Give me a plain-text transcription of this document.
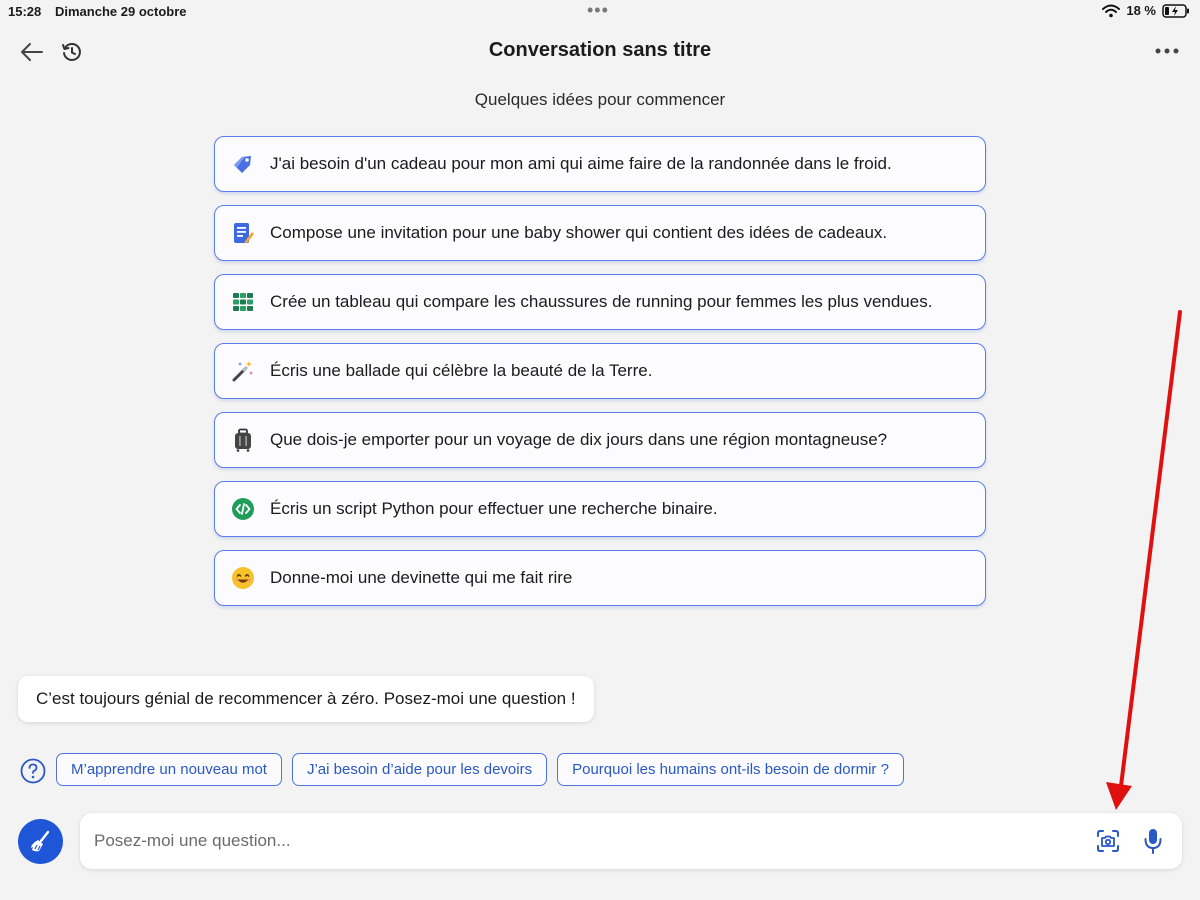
15:28 Dimanche 29 octobre	•••	18 %
Conversation sans titre
Quelques idées pour commencer
J'ai besoin d'un cadeau pour mon ami qui aime faire de la randonnée dans le froid.
Compose une invitation pour une baby shower qui contient des idées de cadeaux.
Crée un tableau qui compare les chaussures de running pour femmes les plus vendues.
Écris une ballade qui célèbre la beauté de la Terre.
Que dois-je emporter pour un voyage de dix jours dans une région montagneuse?
Écris un script Python pour effectuer une recherche binaire.
Donne-moi une devinette qui me fait rire
C’est toujours génial de recommencer à zéro. Posez-moi une question !
M’apprendre un nouveau mot	J’ai besoin d’aide pour les devoirs	Pourquoi les humains ont-ils besoin de dormir ?
Posez-moi une question...
